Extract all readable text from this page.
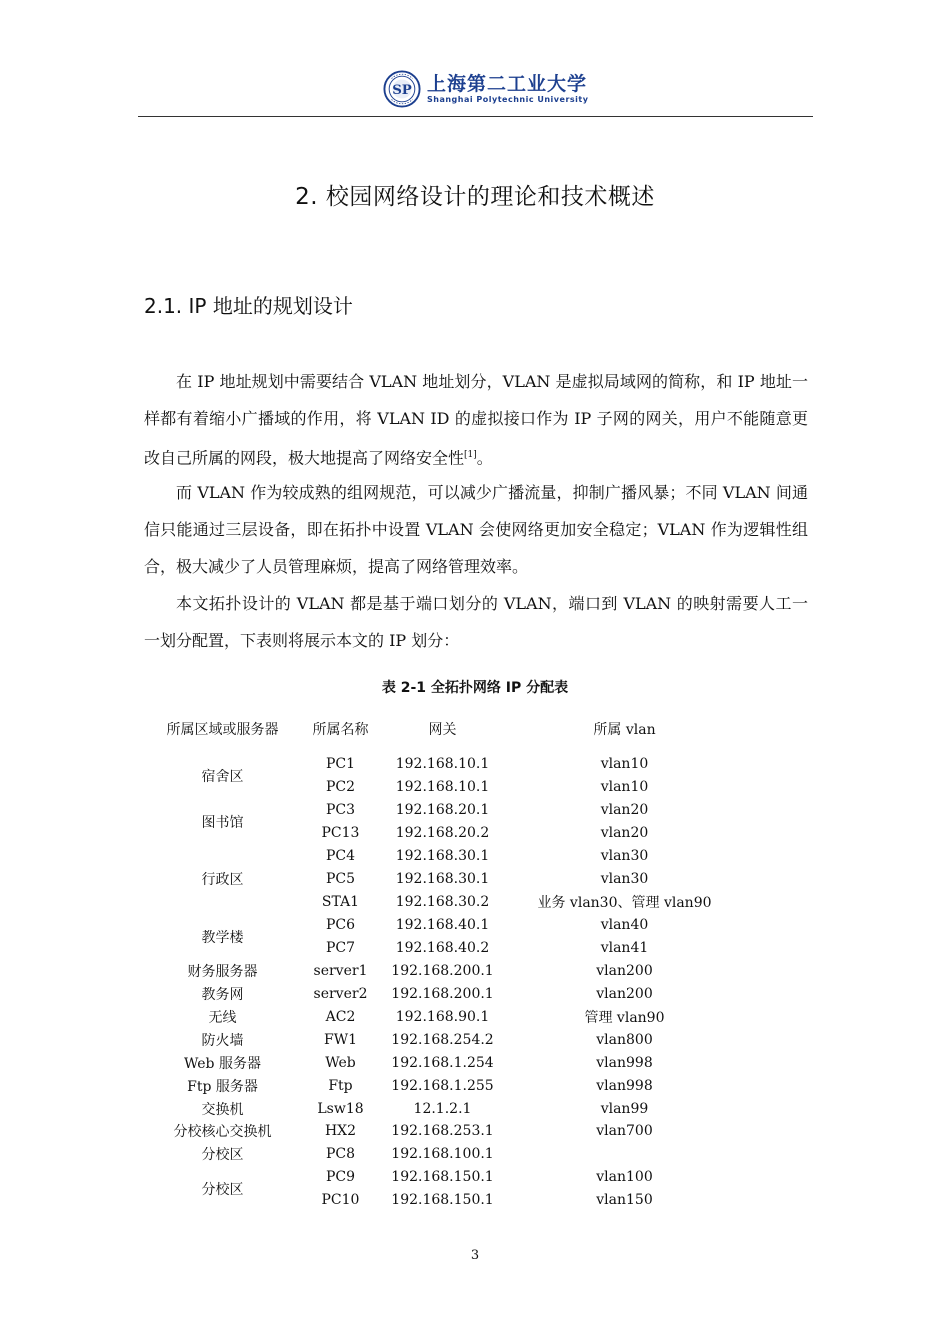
SP 上海第二工业大学
Shanghai Polytechnic University
2. 校园网络设计的理论和技术概述
2.1. IP 地址的规划设计
在 IP 地址规划中需要结合 VLAN 地址划分，VLAN 是虚拟局域网的简称，和 IP 地址一样都有着缩小广播域的作用，将 VLAN ID 的虚拟接口作为 IP 子网的网关，用户不能随意更改自己所属的网段，极大地提高了网络安全性[1]。
而 VLAN 作为较成熟的组网规范，可以减少广播流量，抑制广播风暴；不同 VLAN 间通信只能通过三层设备，即在拓扑中设置 VLAN 会使网络更加安全稳定；VLAN 作为逻辑性组合，极大减少了人员管理麻烦，提高了网络管理效率。
本文拓扑设计的 VLAN 都是基于端口划分的 VLAN，端口到 VLAN 的映射需要人工一一划分配置，下表则将展示本文的 IP 划分：
表 2-1 全拓扑网络 IP 分配表
所属区域或服务器	所属名称	网关	所属 vlan
宿舍区	PC1	192.168.10.1	vlan10
	PC2	192.168.10.1	vlan10
图书馆	PC3	192.168.20.1	vlan20
	PC13	192.168.20.2	vlan20
行政区	PC4	192.168.30.1	vlan30
	PC5	192.168.30.1	vlan30
	STA1	192.168.30.2	业务 vlan30、管理 vlan90
教学楼	PC6	192.168.40.1	vlan40
	PC7	192.168.40.2	vlan41
财务服务器	server1	192.168.200.1	vlan200
教务网	server2	192.168.200.1	vlan200
无线	AC2	192.168.90.1	管理 vlan90
防火墙	FW1	192.168.254.2	vlan800
Web 服务器	Web	192.168.1.254	vlan998
Ftp 服务器	Ftp	192.168.1.255	vlan998
交换机	Lsw18	12.1.2.1	vlan99
分校核心交换机	HX2	192.168.253.1	vlan700
分校区	PC8	192.168.100.1	
分校区	PC9	192.168.150.1	vlan100
	PC10	192.168.150.1	vlan150
3
